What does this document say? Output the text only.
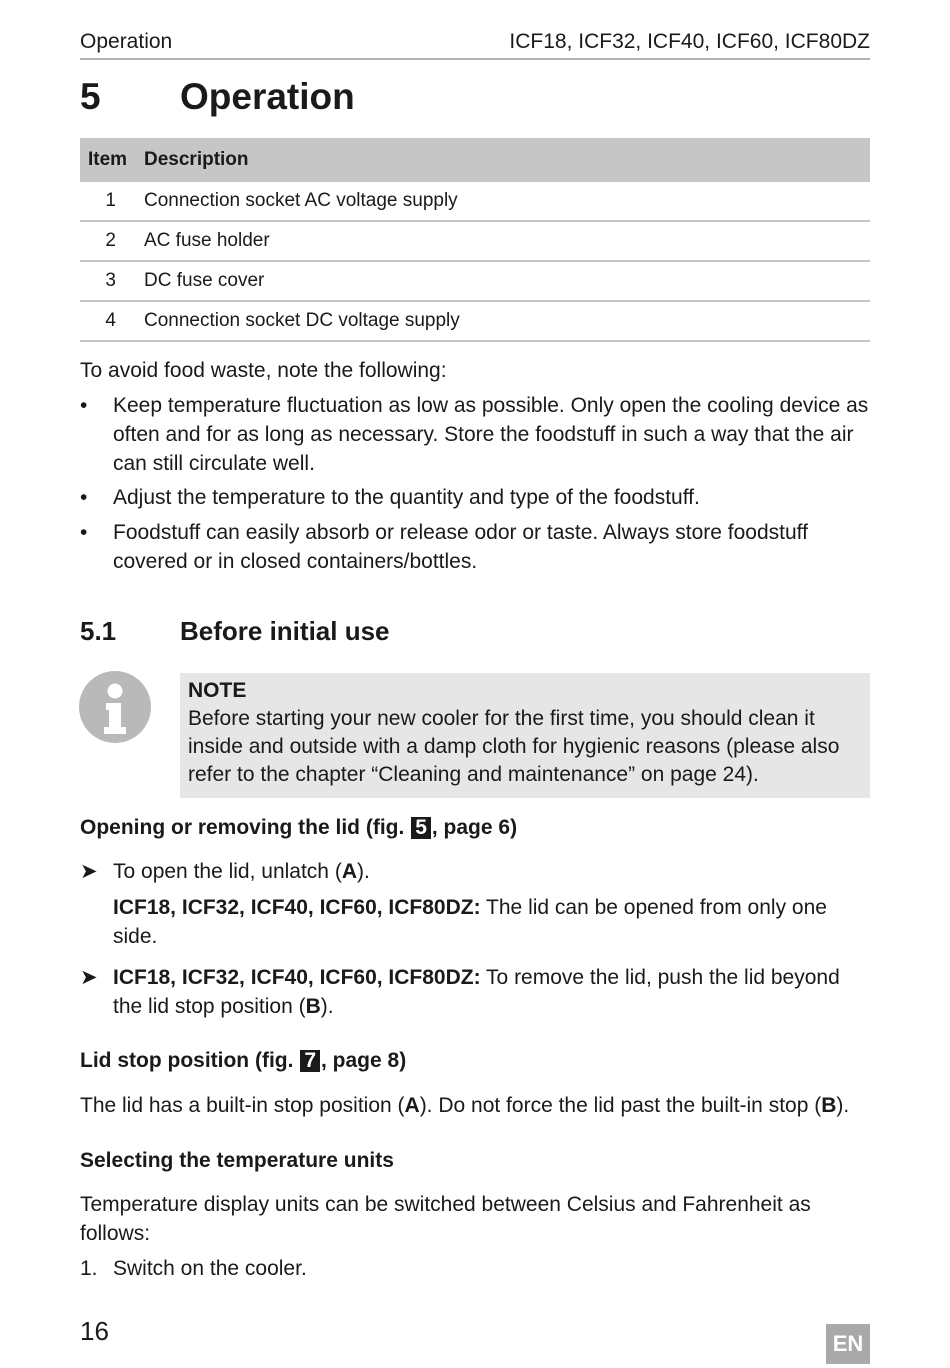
Operation	ICF18, ICF32, ICF40, ICF60, ICF80DZ
5 Operation
Item Description
1	Connection socket AC voltage supply
2	AC fuse holder
3	DC fuse cover
4	Connection socket DC voltage supply
To avoid food waste, note the following:
• Keep temperature fluctuation as low as possible. Only open the cooling device as often and for as long as necessary. Store the foodstuff in such a way that the air can still circulate well.
• Adjust the temperature to the quantity and type of the foodstuff.
• Foodstuff can easily absorb or release odor or taste. Always store foodstuff covered or in closed containers/bottles.
5.1 Before initial use
NOTE
Before starting your new cooler for the first time, you should clean it inside and outside with a damp cloth for hygienic reasons (please also refer to the chapter “Cleaning and maintenance” on page 24).
Opening or removing the lid (fig. 5 , page 6)
➤ To open the lid, unlatch (A).
ICF18, ICF32, ICF40, ICF60, ICF80DZ: The lid can be opened from only one side.
➤ ICF18, ICF32, ICF40, ICF60, ICF80DZ: To remove the lid, push the lid beyond the lid stop position (B).
Lid stop position (fig. 7 , page 8)
The lid has a built-in stop position (A). Do not force the lid past the built-in stop (B).
Selecting the temperature units
Temperature display units can be switched between Celsius and Fahrenheit as follows:
1. Switch on the cooler.
16	EN
